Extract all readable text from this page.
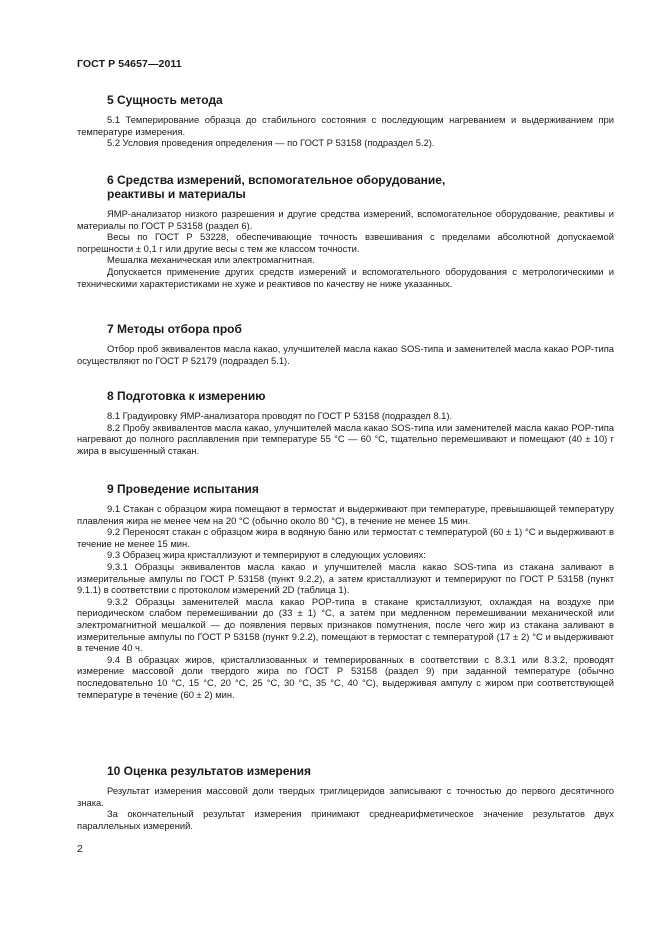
ГОСТ Р 54657—2011
5 Сущность метода

5.1 Темперирование образца до стабильного состояния с последующим нагреванием и выдерживанием при температуре измерения.

5.2 Условия проведения определения — по ГОСТ Р 53158 (подраздел 5.2).

6 Средства измерений, вспомогательное оборудование,
реактивы и материалы

ЯМР-анализатор низкого разрешения и другие средства измерений, вспомогательное оборудование, реактивы и материалы по ГОСТ Р 53158 (раздел 6).

Весы по ГОСТ Р 53228, обеспечивающие точность взвешивания с пределами абсолютной допускаемой погрешности ± 0,1 г или другие весы с тем же классом точности.

Мешалка механическая или электромагнитная.

Допускается применение других средств измерений и вспомогательного оборудования с метрологическими и техническими характеристиками не хуже и реактивов по качеству не ниже указанных.

7 Методы отбора проб

Отбор проб эквивалентов масла какао, улучшителей масла какао SOS-типа и заменителей масла какао POP-типа осуществляют по ГОСТ Р 52179 (подраздел 5.1).

8 Подготовка к измерению

8.1 Градуировку ЯМР-анализатора проводят по ГОСТ Р 53158 (подраздел 8.1).

8.2 Пробу эквивалентов масла какао, улучшителей масла какао SOS-типа или заменителей масла какао POP-типа нагревают до полного расплавления при температуре 55 °С — 60 °С, тщательно перемешивают и помещают (40 ± 10) г жира в высушенный стакан.

9 Проведение испытания

9.1 Стакан с образцом жира помещают в термостат и выдерживают при температуре, превышающей температуру плавления жира не менее чем на 20 °С (обычно около 80 °С), в течение не менее 15 мин.

9.2 Переносят стакан с образцом жира в водяную баню или термостат с температурой (60 ± 1) °С и выдерживают в течение не менее 15 мин.

9.3 Образец жира кристаллизуют и темперируют в следующих условиях:

9.3.1 Образцы эквивалентов масла какао и улучшителей масла какао SOS-типа из стакана заливают в измерительные ампулы по ГОСТ Р 53158 (пункт 9.2.2), а затем кристаллизуют и темперируют по ГОСТ Р 53158 (пункт 9.1.1) в соответствии с протоколом измерений 2D (таблица 1).

9.3.2 Образцы заменителей масла какао POP-типа в стакане кристаллизуют, охлаждая на воздухе при периодическом слабом перемешивании до (33 ± 1) °С, а затем при медленном перемешивании механической или электромагнитной мешалкой — до появления первых признаков помутнения, после чего жир из стакана заливают в измерительные ампулы по ГОСТ Р 53158 (пункт 9.2.2), помещают в термостат с температурой (17 ± 2) °С и выдерживают в течение 40 ч.

9.4 В образцах жиров, кристаллизованных и темперированных в соответствии с 8.3.1 или 8.3.2, проводят измерение массовой доли твердого жира по ГОСТ Р 53158 (раздел 9) при заданной температуре (обычно последовательно 10 °С, 15 °С, 20 °С, 25 °С, 30 °С, 35 °С, 40 °С), выдерживая ампулу с жиром при соответствующей температуре в течение (60 ± 2) мин.

10 Оценка результатов измерения

Результат измерения массовой доли твердых триглицеридов записывают с точностью до первого десятичного знака.

За окончательный результат измерения принимают среднеарифметическое значение результатов двух параллельных измерений.

2
